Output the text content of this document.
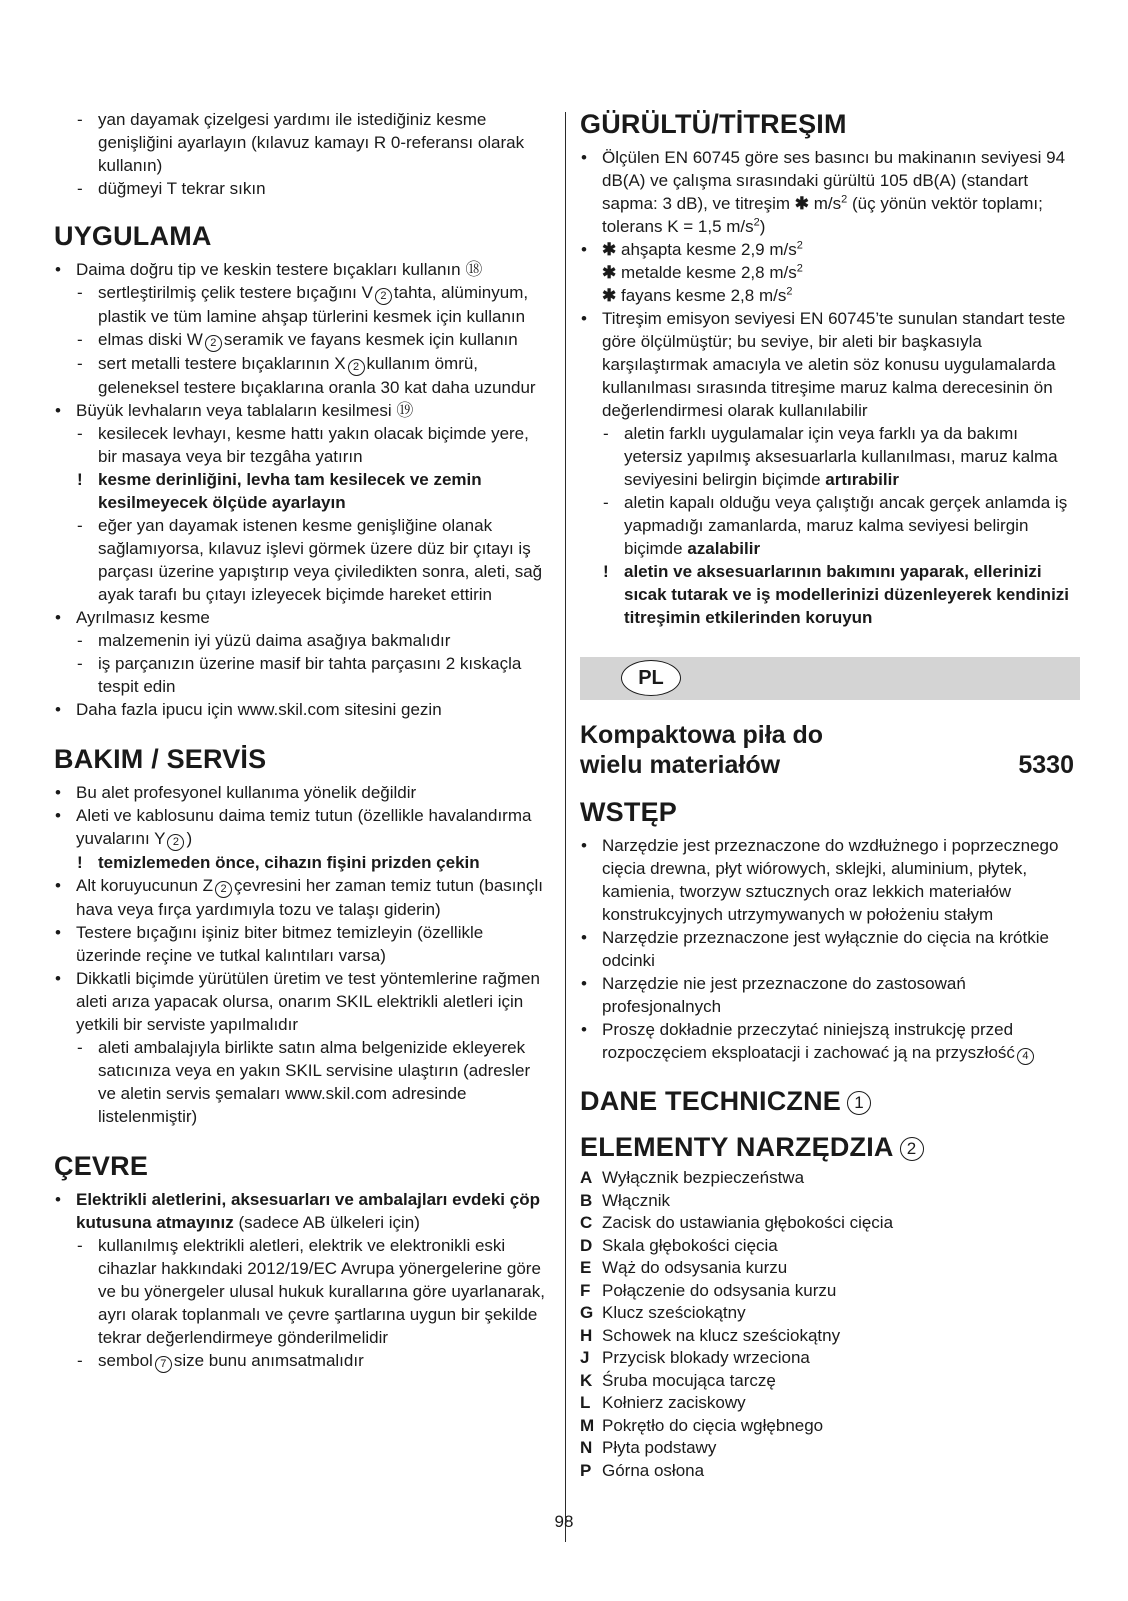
- yan dayamak çizelgesi yardımı ile istediğiniz kesme genişliğini ayarlayın (kılavuz kamayı R 0-referansı olarak kullanın)

- düğmeyi T tekrar sıkın

UYGULAMA

• Daima doğru tip ve keskin testere bıçakları kullanın ⑱

- sertleştirilmiş çelik testere bıçağını V 2 tahta, alüminyum, plastik ve tüm lamine ahşap türlerini kesmek için kullanın

- elmas diski W 2 seramik ve fayans kesmek için kullanın

- sert metalli testere bıçaklarının X 2 kullanım ömrü, geleneksel testere bıçaklarına oranla 30 kat daha uzundur

• Büyük levhaların veya tablaların kesilmesi ⑲

- kesilecek levhayı, kesme hattı yakın olacak biçimde yere, bir masaya veya bir tezgâha yatırın

! kesme derinliğini, levha tam kesilecek ve zemin kesilmeyecek ölçüde ayarlayın

- eğer yan dayamak istenen kesme genişliğine olanak sağlamıyorsa, kılavuz işlevi görmek üzere düz bir çıtayı iş parçası üzerine yapıştırıp veya çiviledikten sonra, aleti, sağ ayak tarafı bu çıtayı izleyecek biçimde hareket ettirin

• Ayrılmasız kesme

- malzemenin iyi yüzü daima asağıya bakmalıdır

- iş parçanızın üzerine masif bir tahta parçasını 2 kıskaçla tespit edin

• Daha fazla ipucu için www.skil.com sitesini gezin

BAKIM / SERVİS

• Bu alet profesyonel kullanıma yönelik değildir

• Aleti ve kablosunu daima temiz tutun (özellikle havalandırma yuvalarını Y 2 )

! temizlemeden önce, cihazın fişini prizden çekin

• Alt koruyucunun Z 2 çevresini her zaman temiz tutun (basınçlı hava veya fırça yardımıyla tozu ve talaşı giderin)

• Testere bıçağını işiniz biter bitmez temizleyin (özellikle üzerinde reçine ve tutkal kalıntıları varsa)

• Dikkatli biçimde yürütülen üretim ve test yöntemlerine rağmen aleti arıza yapacak olursa, onarım SKIL elektrikli aletleri için yetkili bir serviste yapılmalıdır

- aleti ambalajıyla birlikte satın alma belgenizide ekleyerek satıcınıza veya en yakın SKIL servisine ulaştırın (adresler ve aletin servis şemaları www.skil.com adresinde listelenmiştir)

ÇEVRE

• Elektrikli aletlerini, aksesuarları ve ambalajları evdeki çöp kutusuna atmayınız (sadece AB ülkeleri için)

- kullanılmış elektrikli aletleri, elektrik ve elektronikli eski cihazlar hakkındaki 2012/19/EC Avrupa yönergelerine göre ve bu yönergeler ulusal hukuk kurallarına göre uyarlanarak, ayrı olarak toplanmalı ve çevre şartlarına uygun bir şekilde tekrar değerlendirmeye gönderilmelidir

- sembol 7 size bunu anımsatmalıdır

GÜRÜLTÜ/TİTREŞIM

• Ölçülen EN 60745 göre ses basıncı bu makinanın seviyesi 94 dB(A) ve çalışma sırasındaki gürültü 105 dB(A) (standart sapma: 3 dB), ve titreşim ✱ $m/s^2$ (üç yönün vektör toplamı; tolerans K = 1,5 $m/s^2$)

• ✱ ahşapta kesme 2,9 $m/s^2$

✱ metalde kesme 2,8 $m/s^2$

✱ fayans kesme 2,8 $m/s^2$

• Titreşim emisyon seviyesi EN 60745’te sunulan standart teste göre ölçülmüştür; bu seviye, bir aleti bir başkasıyla karşılaştırmak amacıyla ve aletin söz konusu uygulamalarda kullanılması sırasında titreşime maruz kalma derecesinin ön değerlendirmesi olarak kullanılabilir

- aletin farklı uygulamalar için veya farklı ya da bakımı yetersiz yapılmış aksesuarlarla kullanılması, maruz kalma seviyesini belirgin biçimde artırabilir

- aletin kapalı olduğu veya çalıştığı ancak gerçek anlamda iş yapmadığı zamanlarda, maruz kalma seviyesi belirgin biçimde azalabilir

! aletin ve aksesuarlarının bakımını yaparak, ellerinizi sıcak tutarak ve iş modellerinizi düzenleyerek kendinizi titreşimin etkilerinden koruyun

PL
Kompaktowa piła do
wielu materiałów	5330
WSTĘP

• Narzędzie jest przeznaczone do wzdłużnego i poprzecznego cięcia drewna, płyt wiórowych, sklejki, aluminium, płytek, kamienia, tworzyw sztucznych oraz lekkich materiałów konstrukcyjnych utrzymywanych w położeniu stałym

• Narzędzie przeznaczone jest wyłącznie do cięcia na krótkie odcinki

• Narzędzie nie jest przeznaczone do zastosowań profesjonalnych

• Proszę dokładnie przeczytać niniejszą instrukcję przed rozpoczęciem eksploatacji i zachować ją na przyszłość 4

DANE TECHNICZNE 1
ELEMENTY NARZĘDZIA 2
A Wyłącznik bezpieczeństwa
B Włącznik
C Zacisk do ustawiania głębokości cięcia
D Skala głębokości cięcia
E Wąż do odsysania kurzu
F Połączenie do odsysania kurzu
G Klucz sześciokątny
H Schowek na klucz sześciokątny
J Przycisk blokady wrzeciona
K Śruba mocująca tarczę
L Kołnierz zaciskowy
M Pokrętło do cięcia wgłębnego
N Płyta podstawy
P Górna osłona
98
